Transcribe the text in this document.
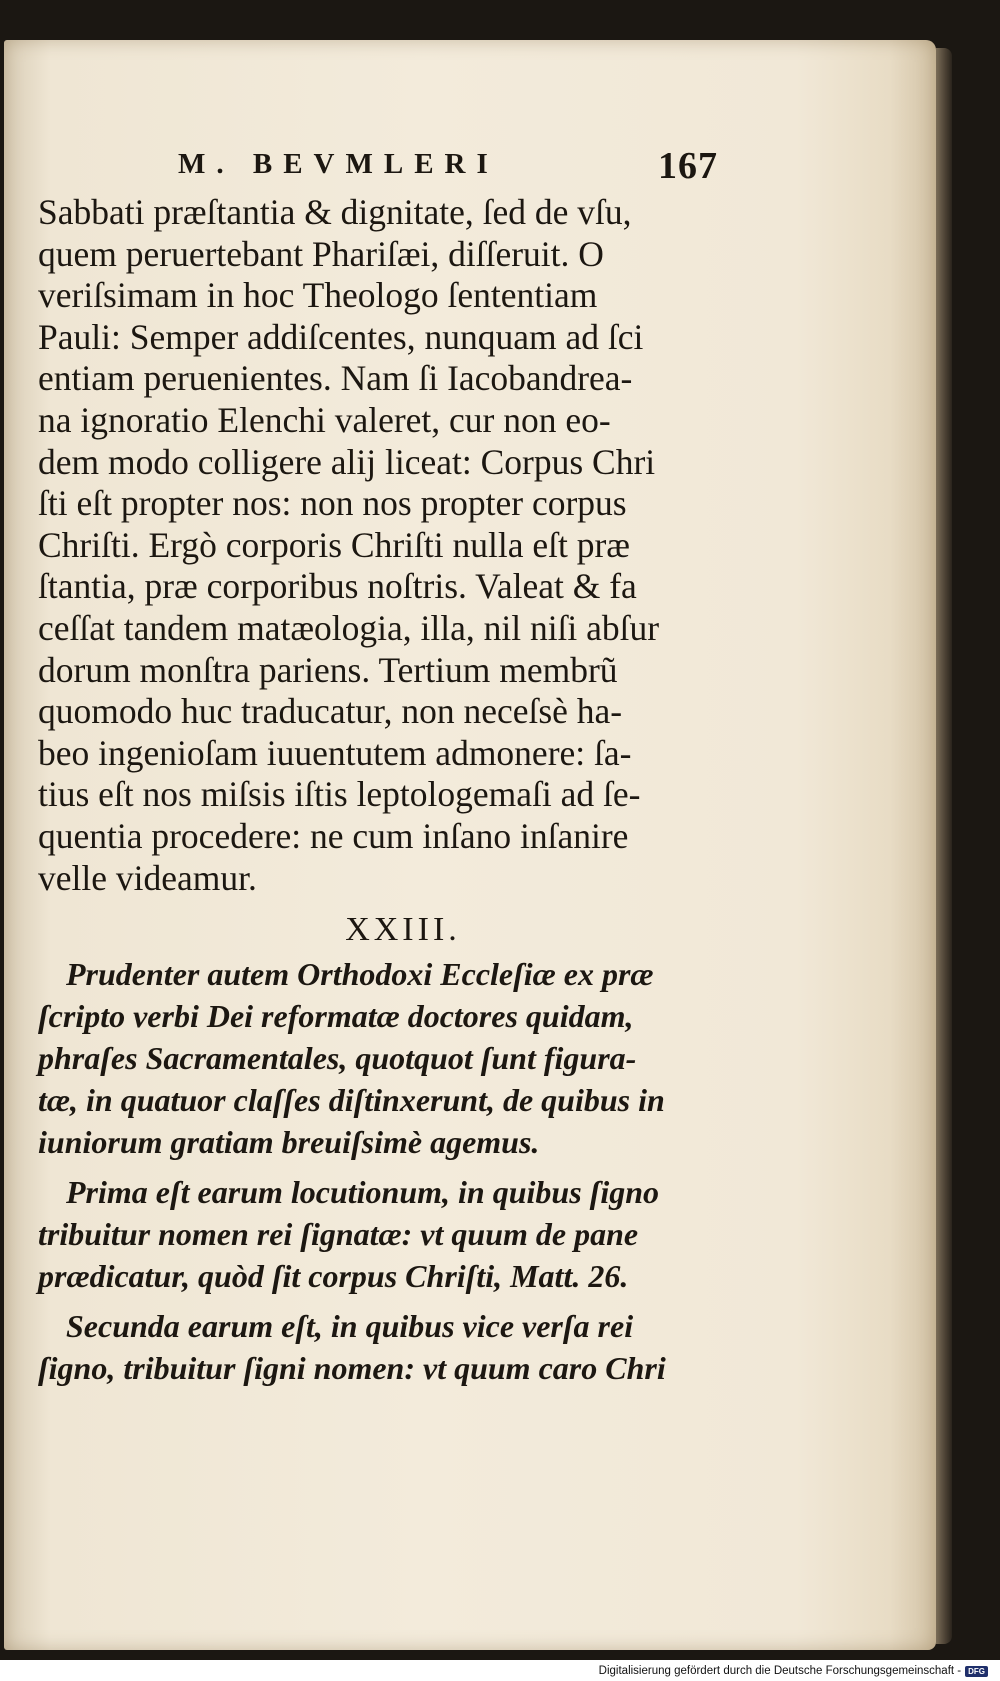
M. BEVMLERI	167
Sabbati præſtantia & dignitate, ſed de vſu,
quem peruertebant Phariſæi, diſſeruit. O
veriſsimam in hoc Theologo ſententiam
Pauli: Semper addiſcentes, nunquam ad ſci
entiam peruenientes. Nam ſi Iacobandrea-
na ignoratio Elenchi valeret, cur non eo-
dem modo colligere alij liceat: Corpus Chri
ſti eſt propter nos: non nos propter corpus
Chriſti. Ergò corporis Chriſti nulla eſt præ
ſtantia, præ corporibus noſtris. Valeat & fa
ceſſat tandem matæologia, illa, nil niſi abſur
dorum monſtra pariens. Tertium membrũ
quomodo huc traducatur, non neceſsè ha-
beo ingenioſam iuuentutem admonere: ſa-
tius eſt nos miſsis iſtis leptologemaſi ad ſe-
quentia procedere: ne cum inſano inſanire
velle videamur.
XXIII.
Prudenter autem Orthodoxi Eccleſiæ ex præ
ſcripto verbi Dei reformatæ doctores quidam,
phraſes Sacramentales, quotquot ſunt figura-
tæ, in quatuor claſſes diſtinxerunt, de quibus in
iuniorum gratiam breuiſsimè agemus.
Prima eſt earum locutionum, in quibus ſigno
tribuitur nomen rei ſignatæ: vt quum de pane
prædicatur, quòd ſit corpus Chriſti, Matt. 26.
Secunda earum eſt, in quibus vice verſa rei
ſigno, tribuitur ſigni nomen: vt quum caro Chri
Digitalisierung gefördert durch die Deutsche Forschungsgemeinschaft - DFG
